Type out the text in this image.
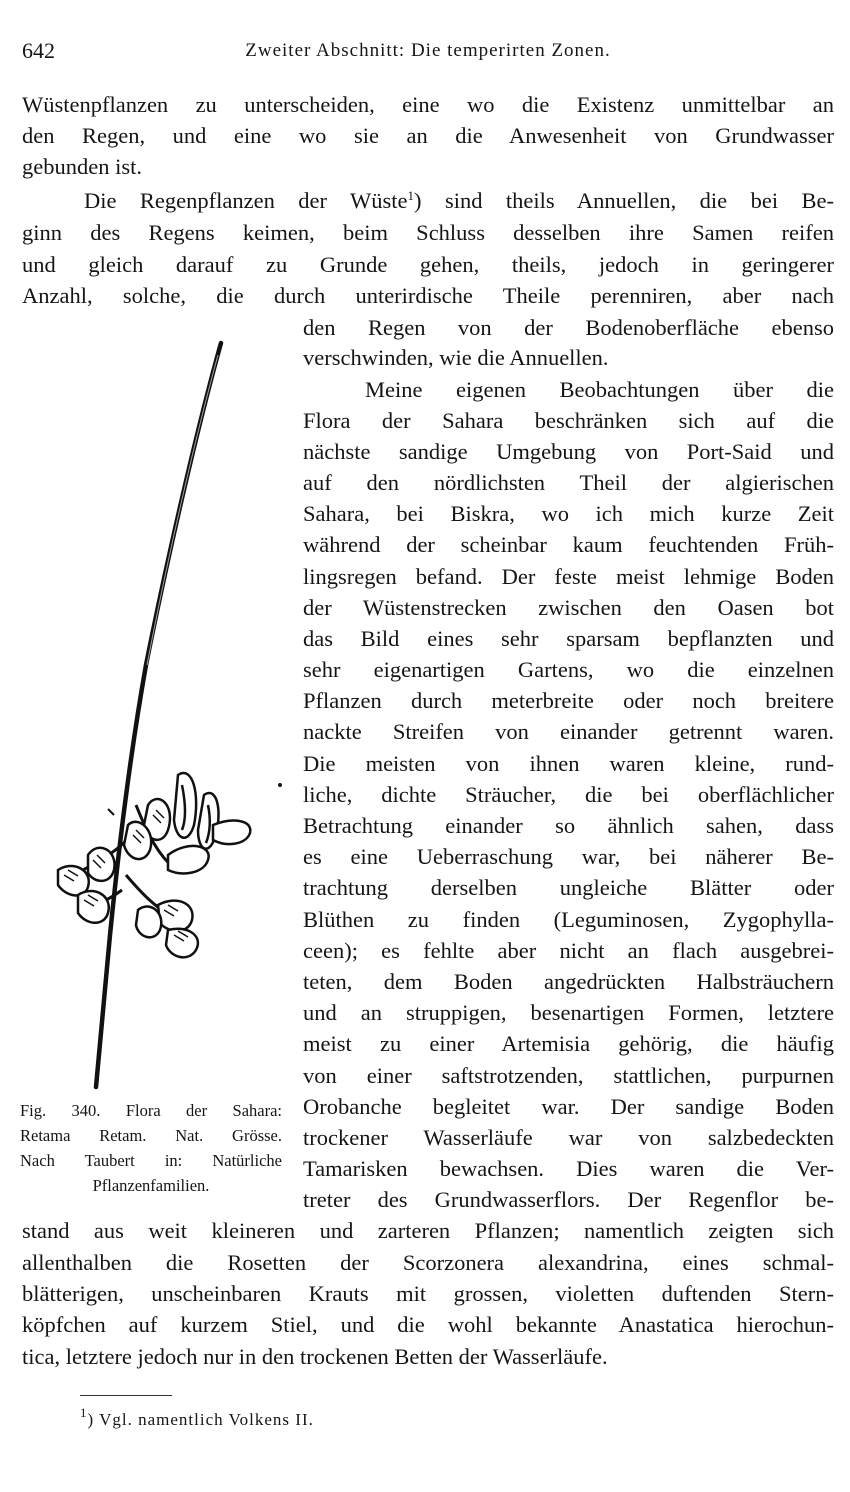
642	Zweiter Abschnitt: Die temperirten Zonen.
Wüstenpflanzen zu unterscheiden, eine wo die Existenz unmittelbar an
den Regen, und eine wo sie an die Anwesenheit von Grundwasser
gebunden ist.
Die Regenpflanzen der Wüste$^1$) sind theils Annuellen, die bei Be-
ginn des Regens keimen, beim Schluss desselben ihre Samen reifen
und gleich darauf zu Grunde gehen, theils, jedoch in geringerer
Anzahl, solche, die durch unterirdische Theile perenniren, aber nach
den Regen von der Bodenoberfläche ebenso
verschwinden, wie die Annuellen.
Meine eigenen Beobachtungen über die
Flora der Sahara beschränken sich auf die
nächste sandige Umgebung von Port-Said und
auf den nördlichsten Theil der algierischen
Sahara, bei Biskra, wo ich mich kurze Zeit
während der scheinbar kaum feuchtenden Früh-
lingsregen befand. Der feste meist lehmige Boden
der Wüstenstrecken zwischen den Oasen bot
das Bild eines sehr sparsam bepflanzten und
sehr eigenartigen Gartens, wo die einzelnen
Pflanzen durch meterbreite oder noch breitere
nackte Streifen von einander getrennt waren.
Die meisten von ihnen waren kleine, rund-
liche, dichte Sträucher, die bei oberflächlicher
Betrachtung einander so ähnlich sahen, dass
es eine Ueberraschung war, bei näherer Be-
trachtung derselben ungleiche Blätter oder
Blüthen zu finden (Leguminosen, Zygophylla-
ceen); es fehlte aber nicht an flach ausgebrei-
teten, dem Boden angedrückten Halbsträuchern
und an struppigen, besenartigen Formen, letztere
meist zu einer Artemisia gehörig, die häufig
von einer saftstrotzenden, stattlichen, purpurnen
Orobanche begleitet war. Der sandige Boden
trockener Wasserläufe war von salzbedeckten
Tamarisken bewachsen. Dies waren die Ver-
treter des Grundwasserflors. Der Regenflor be-
stand aus weit kleineren und zarteren Pflanzen; namentlich zeigten sich
allenthalben die Rosetten der Scorzonera alexandrina, eines schmal-
blätterigen, unscheinbaren Krauts mit grossen, violetten duftenden Stern-
köpfchen auf kurzem Stiel, und die wohl bekannte Anastatica hierochun-
tica, letztere jedoch nur in den trockenen Betten der Wasserläufe.
Fig. 340. Flora der Sahara:
Retama Retam. Nat. Grösse.
Nach Taubert in: Natürliche
Pflanzenfamilien.
$^1$) Vgl. namentlich Volkens II.
